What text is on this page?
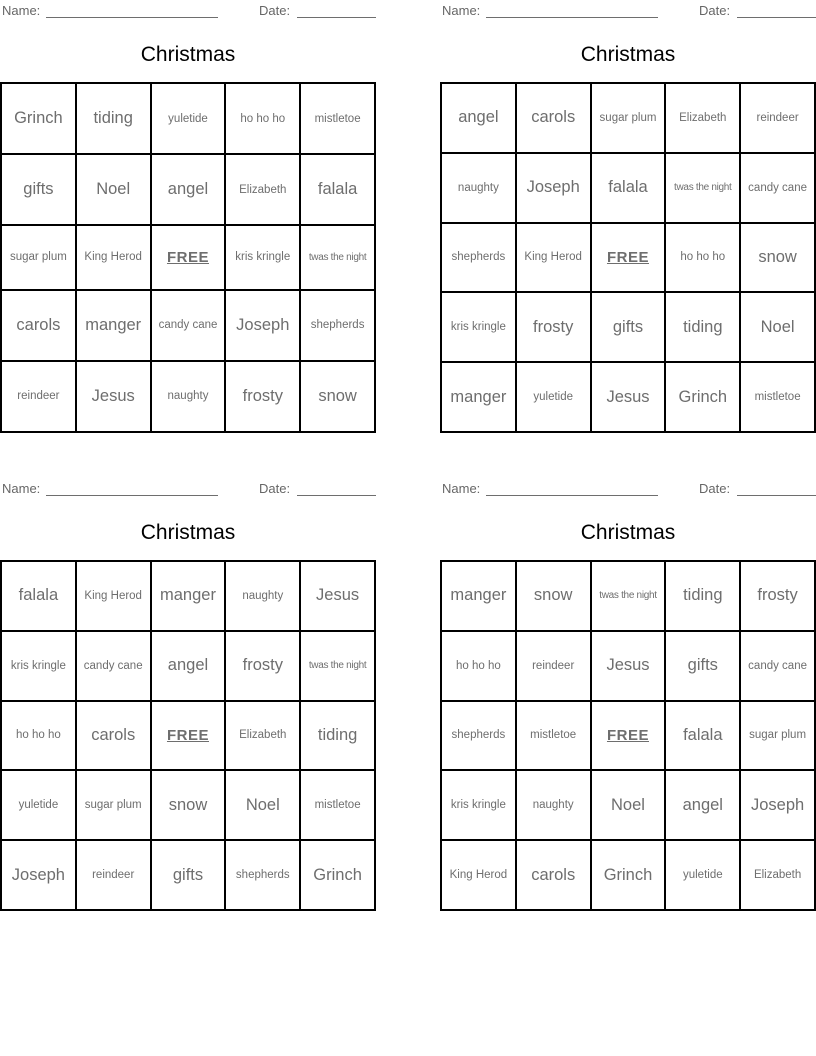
Name:	Date:
Christmas
Grinch	tiding	yuletide	ho ho ho	mistletoe
gifts	Noel	angel	Elizabeth	falala
sugar plum	King Herod	FREE	kris kringle	twas the night
carols	manger	candy cane	Joseph	shepherds
reindeer	Jesus	naughty	frosty	snow
Name:	Date:
Christmas
angel	carols	sugar plum	Elizabeth	reindeer
naughty	Joseph	falala	twas the night	candy cane
shepherds	King Herod	FREE	ho ho ho	snow
kris kringle	frosty	gifts	tiding	Noel
manger	yuletide	Jesus	Grinch	mistletoe
Name:	Date:
Christmas
falala	King Herod	manger	naughty	Jesus
kris kringle	candy cane	angel	frosty	twas the night
ho ho ho	carols	FREE	Elizabeth	tiding
yuletide	sugar plum	snow	Noel	mistletoe
Joseph	reindeer	gifts	shepherds	Grinch
Name:	Date:
Christmas
manger	snow	twas the night	tiding	frosty
ho ho ho	reindeer	Jesus	gifts	candy cane
shepherds	mistletoe	FREE	falala	sugar plum
kris kringle	naughty	Noel	angel	Joseph
King Herod	carols	Grinch	yuletide	Elizabeth
